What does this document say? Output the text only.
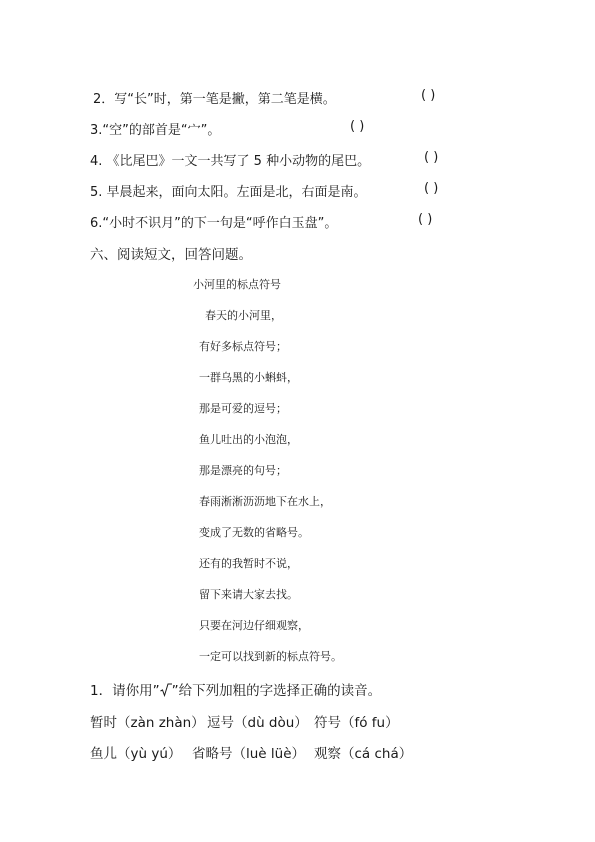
2．写“长”时，第一笔是撇，第二笔是横。	( )
3.“空”的部首是“宀”。	( )
4. 《比尾巴》一文一共写了 5 种小动物的尾巴。	( )
5. 早晨起来，面向太阳。左面是北，右面是南。	( )
6.“小时不识月”的下一句是“呼作白玉盘”。	( )
六、阅读短文，回答问题。
小河里的标点符号
春天的小河里，
有好多标点符号；
一群乌黑的小蝌蚪，
那是可爱的逗号；
鱼儿吐出的小泡泡，
那是漂亮的句号；
春雨淅淅沥沥地下在水上，
变成了无数的省略号。
还有的我暂时不说，
留下来请大家去找。
只要在河边仔细观察，
一定可以找到新的标点符号。
1．请你用” ”给下列加粗的字选择正确的读音。
暂时（zàn zhàn） 逗号（dù dòu） 符号（fó fu）
鱼儿（yù yú） 省略号（luè lüè） 观察（cá chá）
